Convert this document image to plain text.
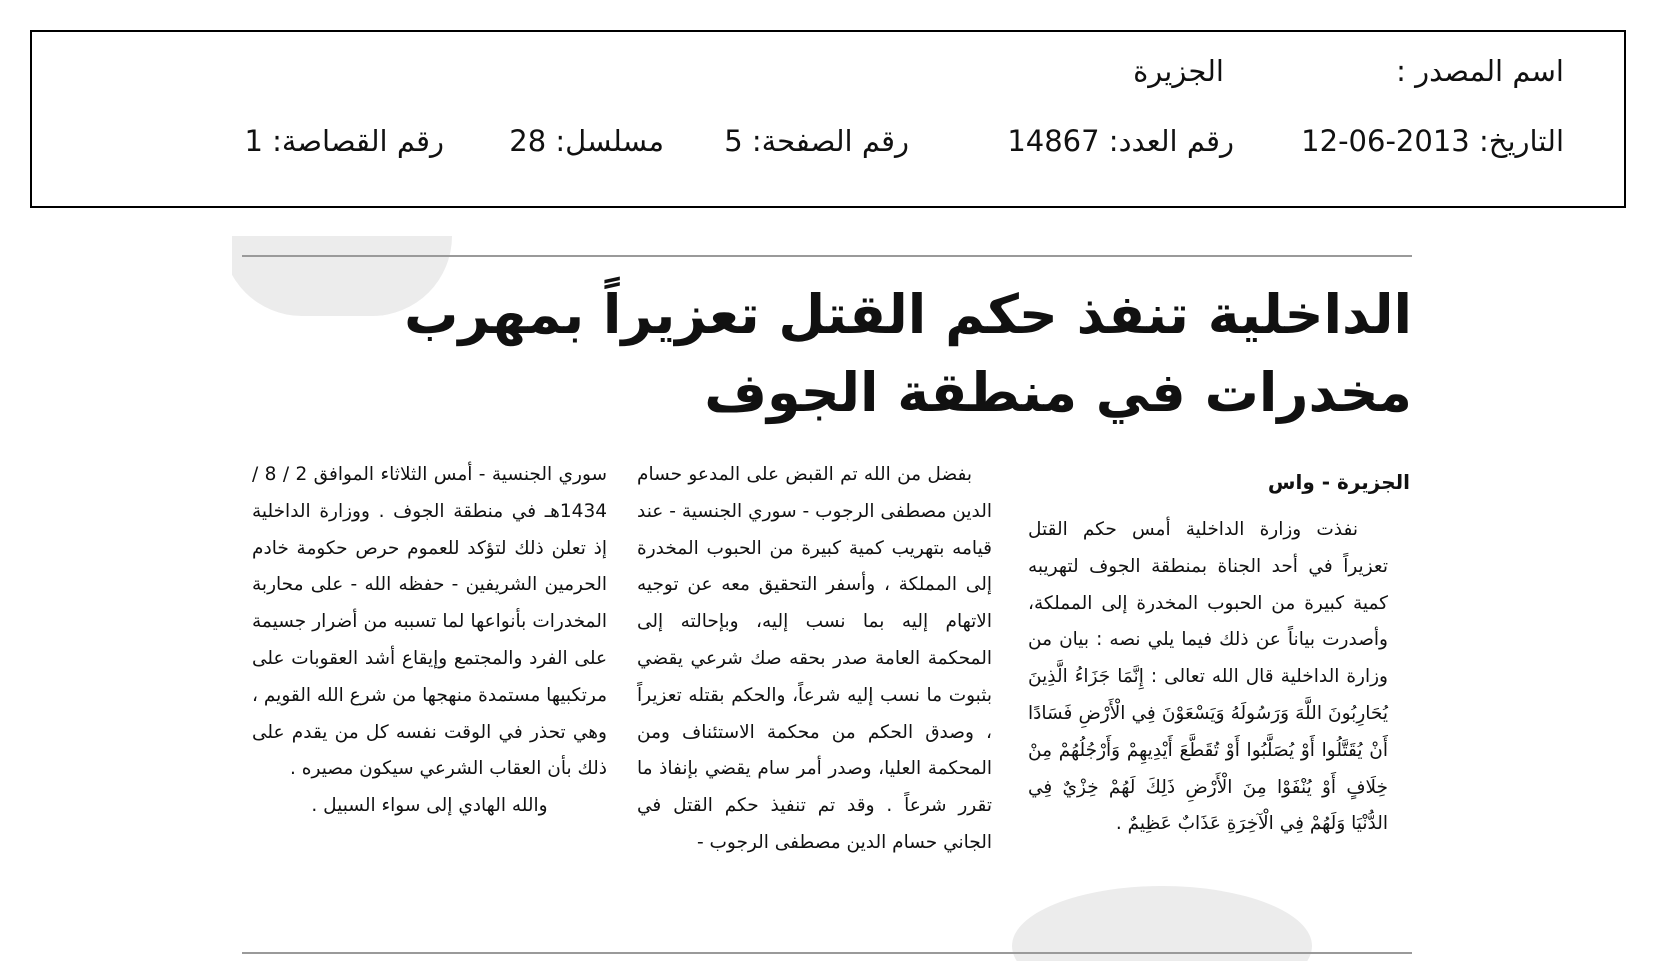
اسم المصدر :
الجزيرة
التاريخ: 2013-06-12
رقم العدد: 14867
رقم الصفحة: 5
مسلسل: 28
رقم القصاصة: 1
الداخلية تنفذ حكم القتل تعزيراً بمهرب مخدرات في منطقة الجوف
الجزيرة - واس

نفذت وزارة الداخلية أمس حكم القتل تعزيراً في أحد الجناة بمنطقة الجوف لتهريبه كمية كبيرة من الحبوب المخدرة إلى المملكة، وأصدرت بياناً عن ذلك فيما يلي نصه : بيان من وزارة الداخلية قال الله تعالى : إِنَّمَا جَزَاءُ الَّذِينَ يُحَارِبُونَ اللَّهَ وَرَسُولَهُ وَيَسْعَوْنَ فِي الْأَرْضِ فَسَادًا أَنْ يُقَتَّلُوا أَوْ يُصَلَّبُوا أَوْ تُقَطَّعَ أَيْدِيهِمْ وَأَرْجُلُهُمْ مِنْ خِلَافٍ أَوْ يُنْفَوْا مِنَ الْأَرْضِ ذَلِكَ لَهُمْ خِزْيٌ فِي الدُّنْيَا وَلَهُمْ فِي الْآخِرَةِ عَذَابٌ عَظِيمٌ .

بفضل من الله تم القبض على المدعو حسام الدين مصطفى الرجوب - سوري الجنسية - عند قيامه بتهريب كمية كبيرة من الحبوب المخدرة إلى المملكة ، وأسفر التحقيق معه عن توجيه الاتهام إليه بما نسب إليه، وبإحالته إلى المحكمة العامة صدر بحقه صك شرعي يقضي بثبوت ما نسب إليه شرعاً، والحكم بقتله تعزيراً ، وصدق الحكم من محكمة الاستئناف ومن المحكمة العليا، وصدر أمر سام يقضي بإنفاذ ما تقرر شرعاً . وقد تم تنفيذ حكم القتل في الجاني حسام الدين مصطفى الرجوب -

سوري الجنسية - أمس الثلاثاء الموافق 2 / 8 / 1434هـ في منطقة الجوف . ووزارة الداخلية إذ تعلن ذلك لتؤكد للعموم حرص حكومة خادم الحرمين الشريفين - حفظه الله - على محاربة المخدرات بأنواعها لما تسببه من أضرار جسيمة على الفرد والمجتمع وإيقاع أشد العقوبات على مرتكبيها مستمدة منهجها من شرع الله القويم ، وهي تحذر في الوقت نفسه كل من يقدم على ذلك بأن العقاب الشرعي سيكون مصيره .

والله الهادي إلى سواء السبيل .
